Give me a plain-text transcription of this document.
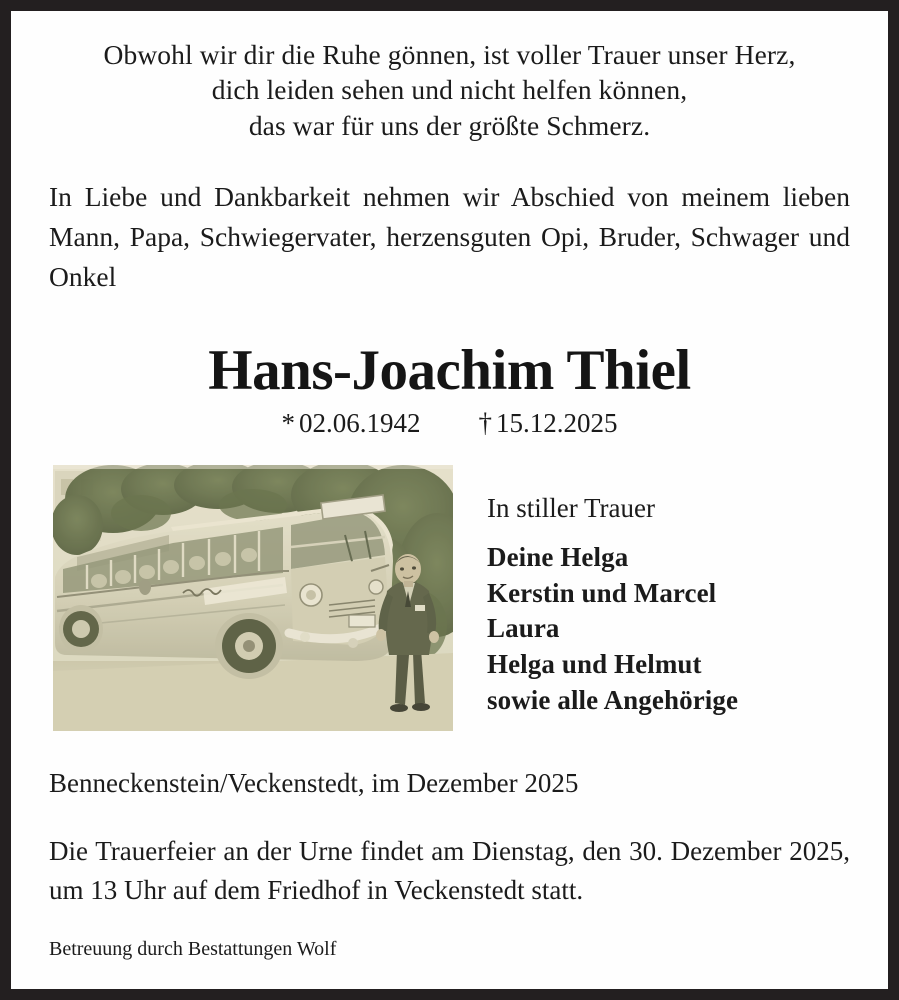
Obwohl wir dir die Ruhe gönnen, ist voller Trauer unser Herz,
dich leiden sehen und nicht helfen können,
das war für uns der größte Schmerz.

In Liebe und Dankbarkeit nehmen wir Abschied von meinem lieben Mann, Papa, Schwiegervater, herzensguten Opi, Bruder, Schwager und Onkel

Hans-Joachim Thiel
* 02.06.1942 † 15.12.2025
In stiller Trauer
Deine Helga
Kerstin und Marcel
Laura
Helga und Helmut
sowie alle Angehörige
Benneckenstein/Veckenstedt, im Dezember 2025

Die Trauerfeier an der Urne findet am Dienstag, den 30. Dezember 2025, um 13 Uhr auf dem Friedhof in Veckenstedt statt.

Betreuung durch Bestattungen Wolf
